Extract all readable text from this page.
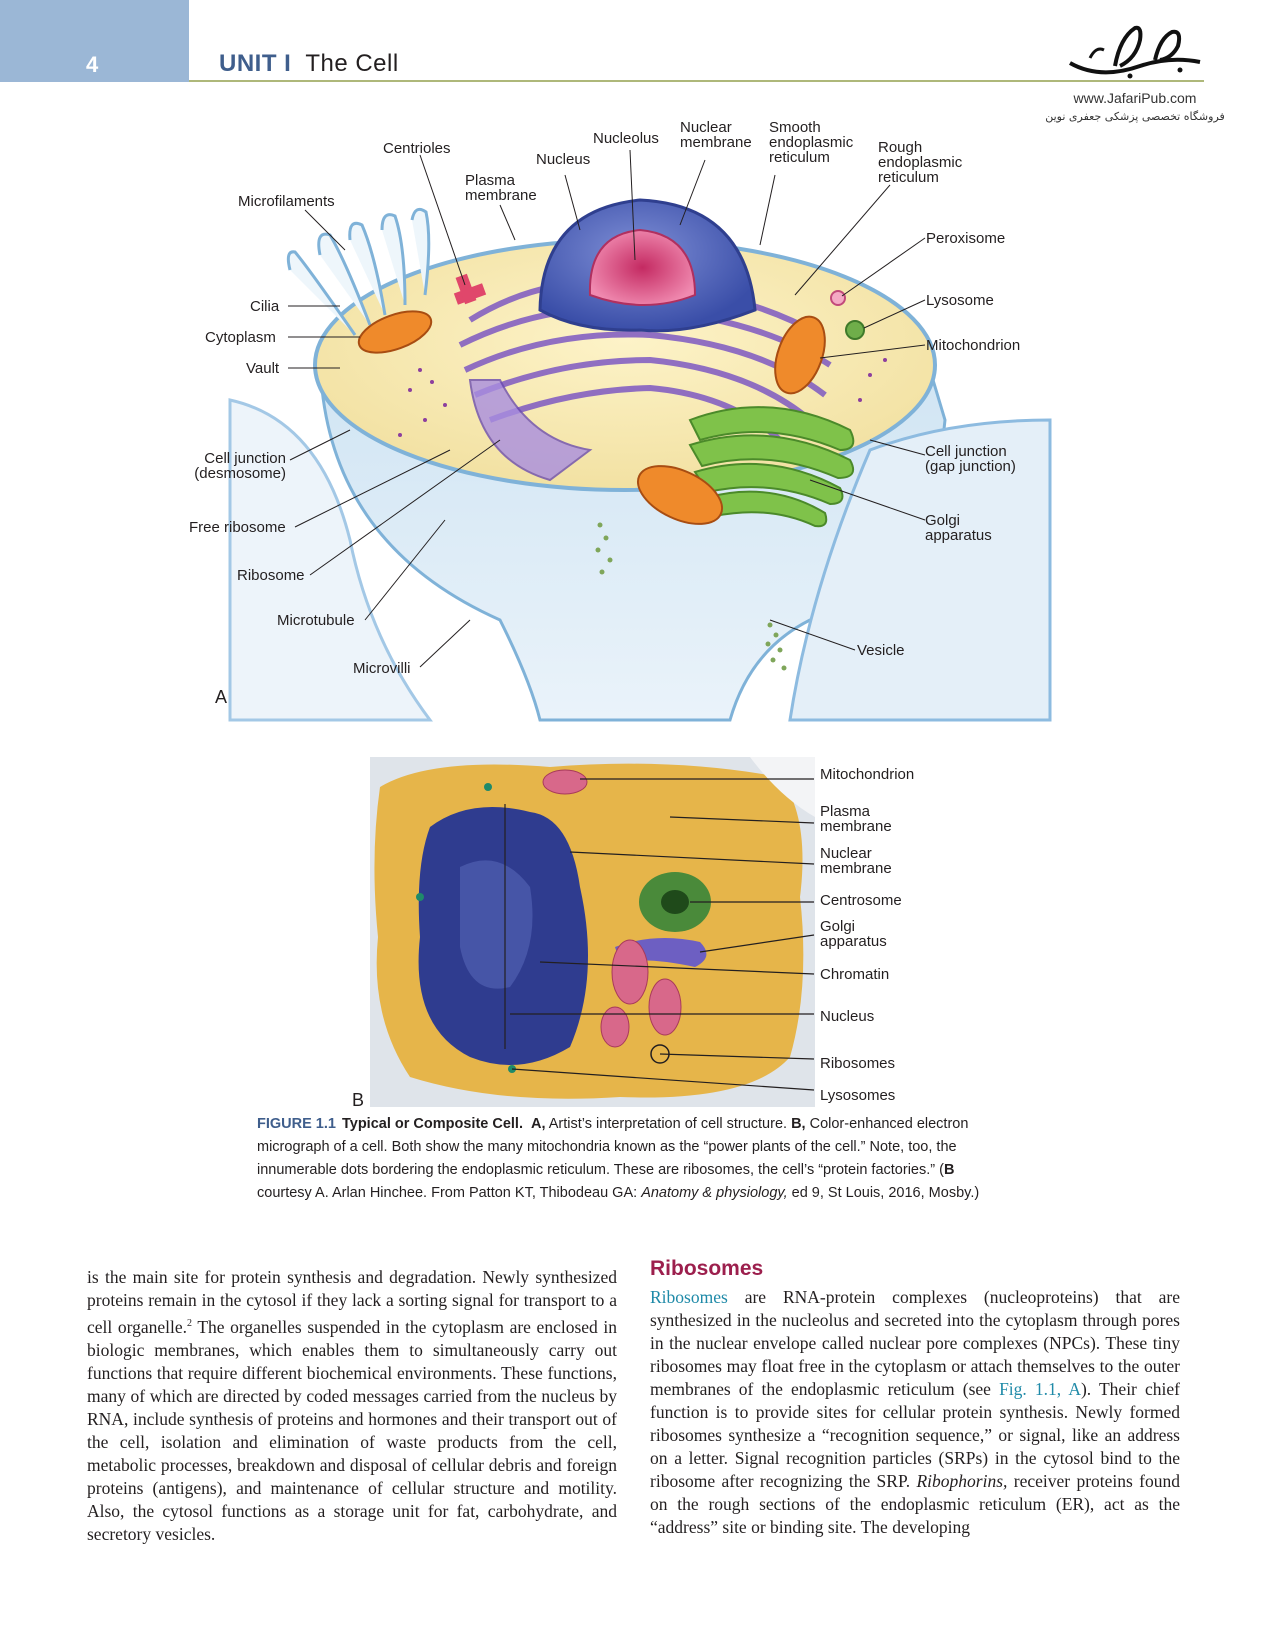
4	UNIT I The Cell
www.JafariPub.com
فروشگاه تخصصی پزشکی جعفری نوین
Microfilaments
Centrioles
Plasma
membrane
Nucleus
Nucleolus
Nuclear
membrane
Smooth
endoplasmic
reticulum
Rough
endoplasmic
reticulum
Peroxisome
Lysosome
Mitochondrion
Cilia
Cytoplasm
Vault
Cell junction
(desmosome)
Free ribosome
Ribosome
Microtubule
Microvilli
Cell junction
(gap junction)
Golgi
apparatus
Vesicle
A
B
Mitochondrion
Plasma
membrane
Nuclear
membrane
Centrosome
Golgi
apparatus
Chromatin
Nucleus
Ribosomes
Lysosomes
FIGURE 1.1 Typical or Composite Cell. A, Artist’s interpretation of cell structure. B, Color-enhanced electron micrograph of a cell. Both show the many mitochondria known as the “power plants of the cell.” Note, too, the innumerable dots bordering the endoplasmic reticulum. These are ribosomes, the cell’s “protein factories.” (B courtesy A. Arlan Hinchee. From Patton KT, Thibodeau GA: Anatomy & physiology, ed 9, St Louis, 2016, Mosby.)
is the main site for protein synthesis and degradation. Newly synthesized proteins remain in the cytosol if they lack a sorting signal for transport to a cell organelle.$^2$ The organelles suspended in the cytoplasm are enclosed in biologic membranes, which enables them to simultaneously carry out functions that require different biochemical environments. These functions, many of which are directed by coded messages carried from the nucleus by RNA, include synthesis of proteins and hormones and their transport out of the cell, isolation and elimination of waste products from the cell, metabolic processes, breakdown and disposal of cellular debris and foreign proteins (antigens), and maintenance of cellular structure and motility. Also, the cytosol functions as a storage unit for fat, carbohydrate, and secretory vesicles.
Ribosomes
Ribosomes are RNA-protein complexes (nucleoproteins) that are synthesized in the nucleolus and secreted into the cytoplasm through pores in the nuclear envelope called nuclear pore complexes (NPCs). These tiny ribosomes may float free in the cytoplasm or attach themselves to the outer membranes of the endoplasmic reticulum (see Fig. 1.1, A). Their chief function is to provide sites for cellular protein synthesis. Newly formed ribosomes synthesize a “recognition sequence,” or signal, like an address on a letter. Signal recognition particles (SRPs) in the cytosol bind to the ribosome after recognizing the SRP. Ribophorins, receiver proteins found on the rough sections of the endoplasmic reticulum (ER), act as the “address” site or binding site. The developing
